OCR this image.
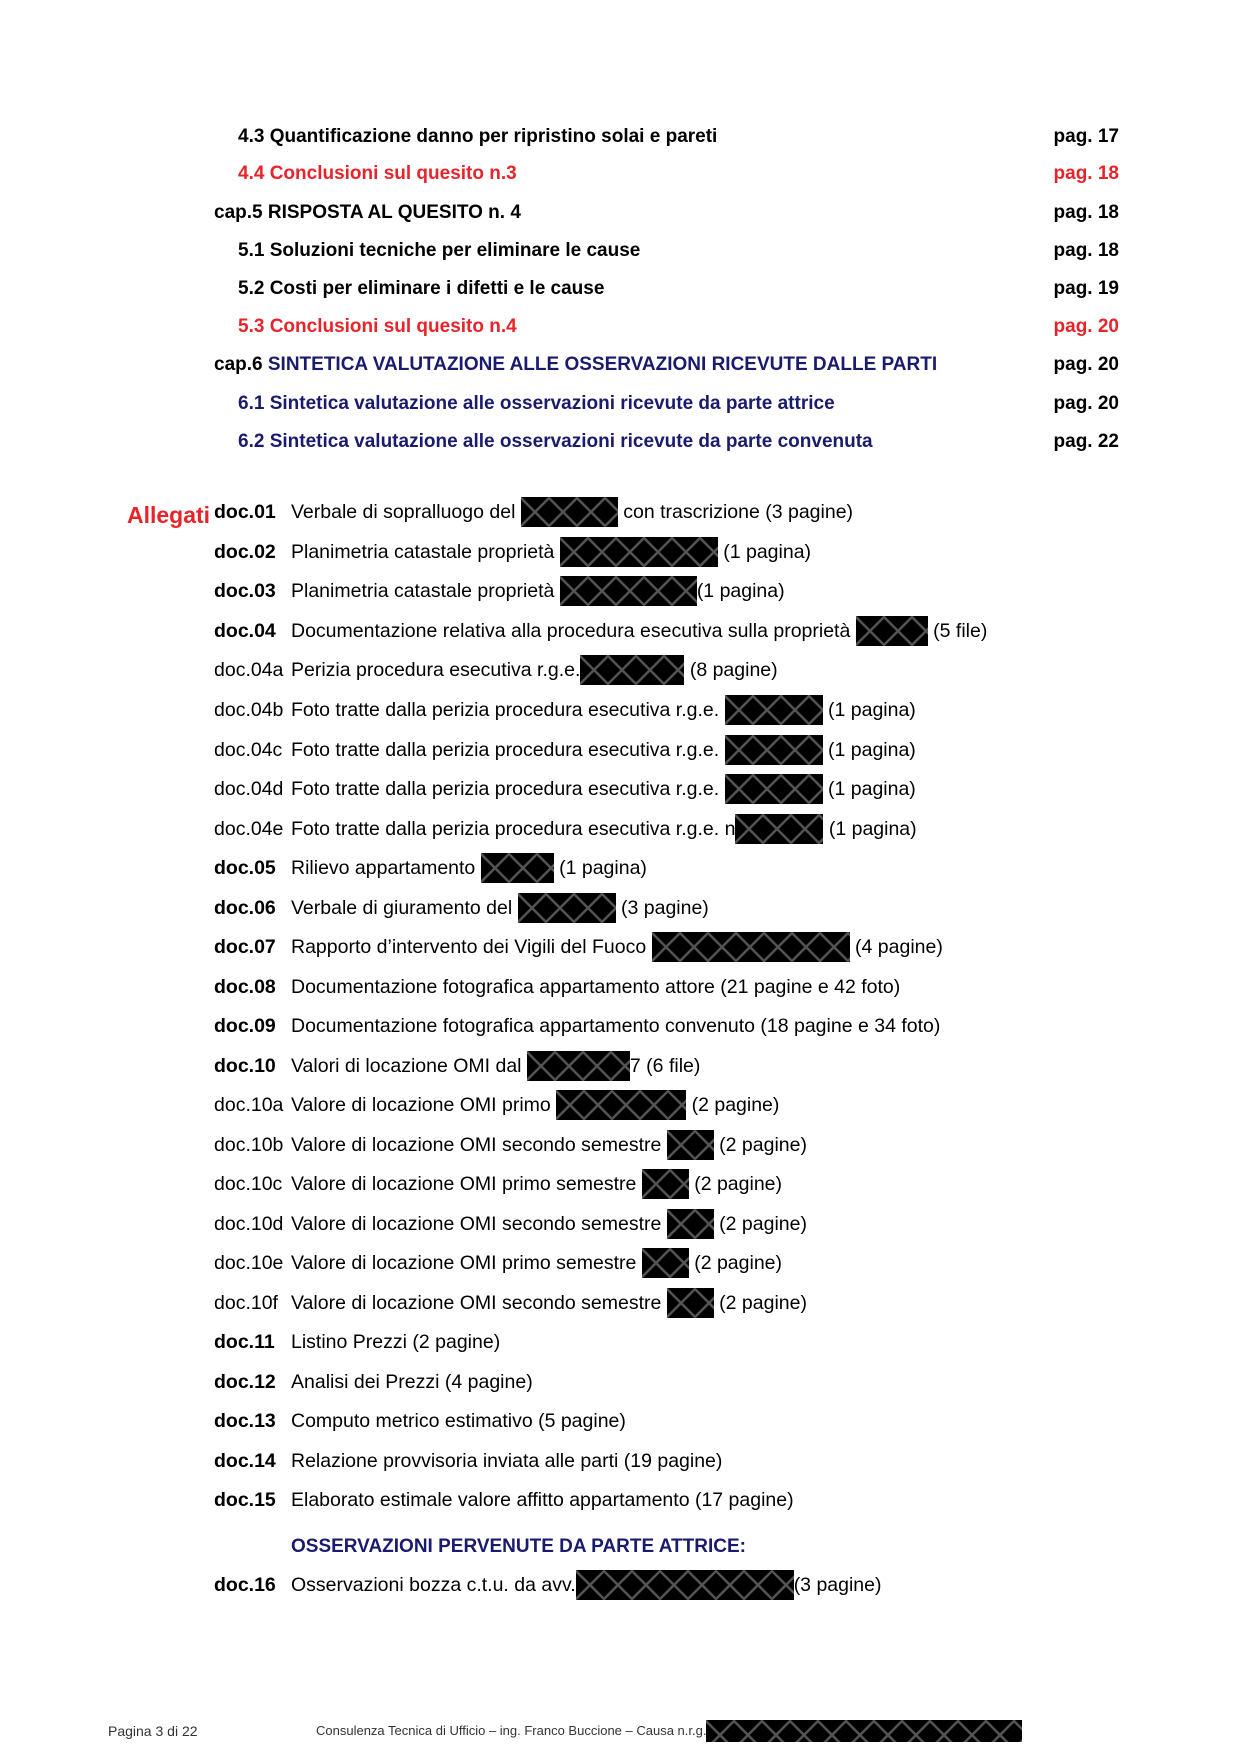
4.3 Quantificazione danno per ripristino solai e pareti	pag. 17
4.4 Conclusioni sul quesito n.3	pag. 18
cap.5 RISPOSTA AL QUESITO n. 4	pag. 18
5.1 Soluzioni tecniche per eliminare le cause	pag. 18
5.2 Costi per eliminare i difetti e le cause	pag. 19
5.3 Conclusioni sul quesito n.4	pag. 20
cap.6 SINTETICA VALUTAZIONE ALLE OSSERVAZIONI RICEVUTE DALLE PARTI	pag. 20
6.1 Sintetica valutazione alle osservazioni ricevute da parte attrice	pag. 20
6.2 Sintetica valutazione alle osservazioni ricevute da parte convenuta	pag. 22
Allegati doc.01 Verbale di sopralluogo del	con trascrizione (3 pagine)
doc.02 Planimetria catastale proprietà	(1 pagina)
doc.03 Planimetria catastale proprietà	(1 pagina)
doc.04 Documentazione relativa alla procedura esecutiva sulla proprietà	(5 file)
doc.04a Perizia procedura esecutiva r.g.e.	(8 pagine)
doc.04b Foto tratte dalla perizia procedura esecutiva r.g.e.	(1 pagina)
doc.04c Foto tratte dalla perizia procedura esecutiva r.g.e.	(1 pagina)
doc.04d Foto tratte dalla perizia procedura esecutiva r.g.e.	(1 pagina)
doc.04e Foto tratte dalla perizia procedura esecutiva r.g.e. n	(1 pagina)
doc.05 Rilievo appartamento	(1 pagina)
doc.06 Verbale di giuramento del	(3 pagine)
doc.07 Rapporto d’intervento dei Vigili del Fuoco	(4 pagine)
doc.08 Documentazione fotografica appartamento attore (21 pagine e 42 foto)
doc.09 Documentazione fotografica appartamento convenuto (18 pagine e 34 foto)
doc.10 Valori di locazione OMI dal	7 (6 file)
doc.10a Valore di locazione OMI primo	(2 pagine)
doc.10b Valore di locazione OMI secondo semestre  (2 pagine)
doc.10c Valore di locazione OMI primo semestre  (2 pagine)
doc.10d Valore di locazione OMI secondo semestre  (2 pagine)
doc.10e Valore di locazione OMI primo semestre  (2 pagine)
doc.10f Valore di locazione OMI secondo semestre  (2 pagine)
doc.11 Listino Prezzi (2 pagine)
doc.12 Analisi dei Prezzi (4 pagine)
doc.13 Computo metrico estimativo (5 pagine)
doc.14 Relazione provvisoria inviata alle parti (19 pagine)
doc.15 Elaborato estimale valore affitto appartamento (17 pagine)
OSSERVAZIONI PERVENUTE DA PARTE ATTRICE:
doc.16 Osservazioni bozza c.t.u. da avv.	(3 pagine)
Pagina 3 di 22	Consulenza Tecnica di Ufficio – ing. Franco Buccione – Causa n.r.g.
